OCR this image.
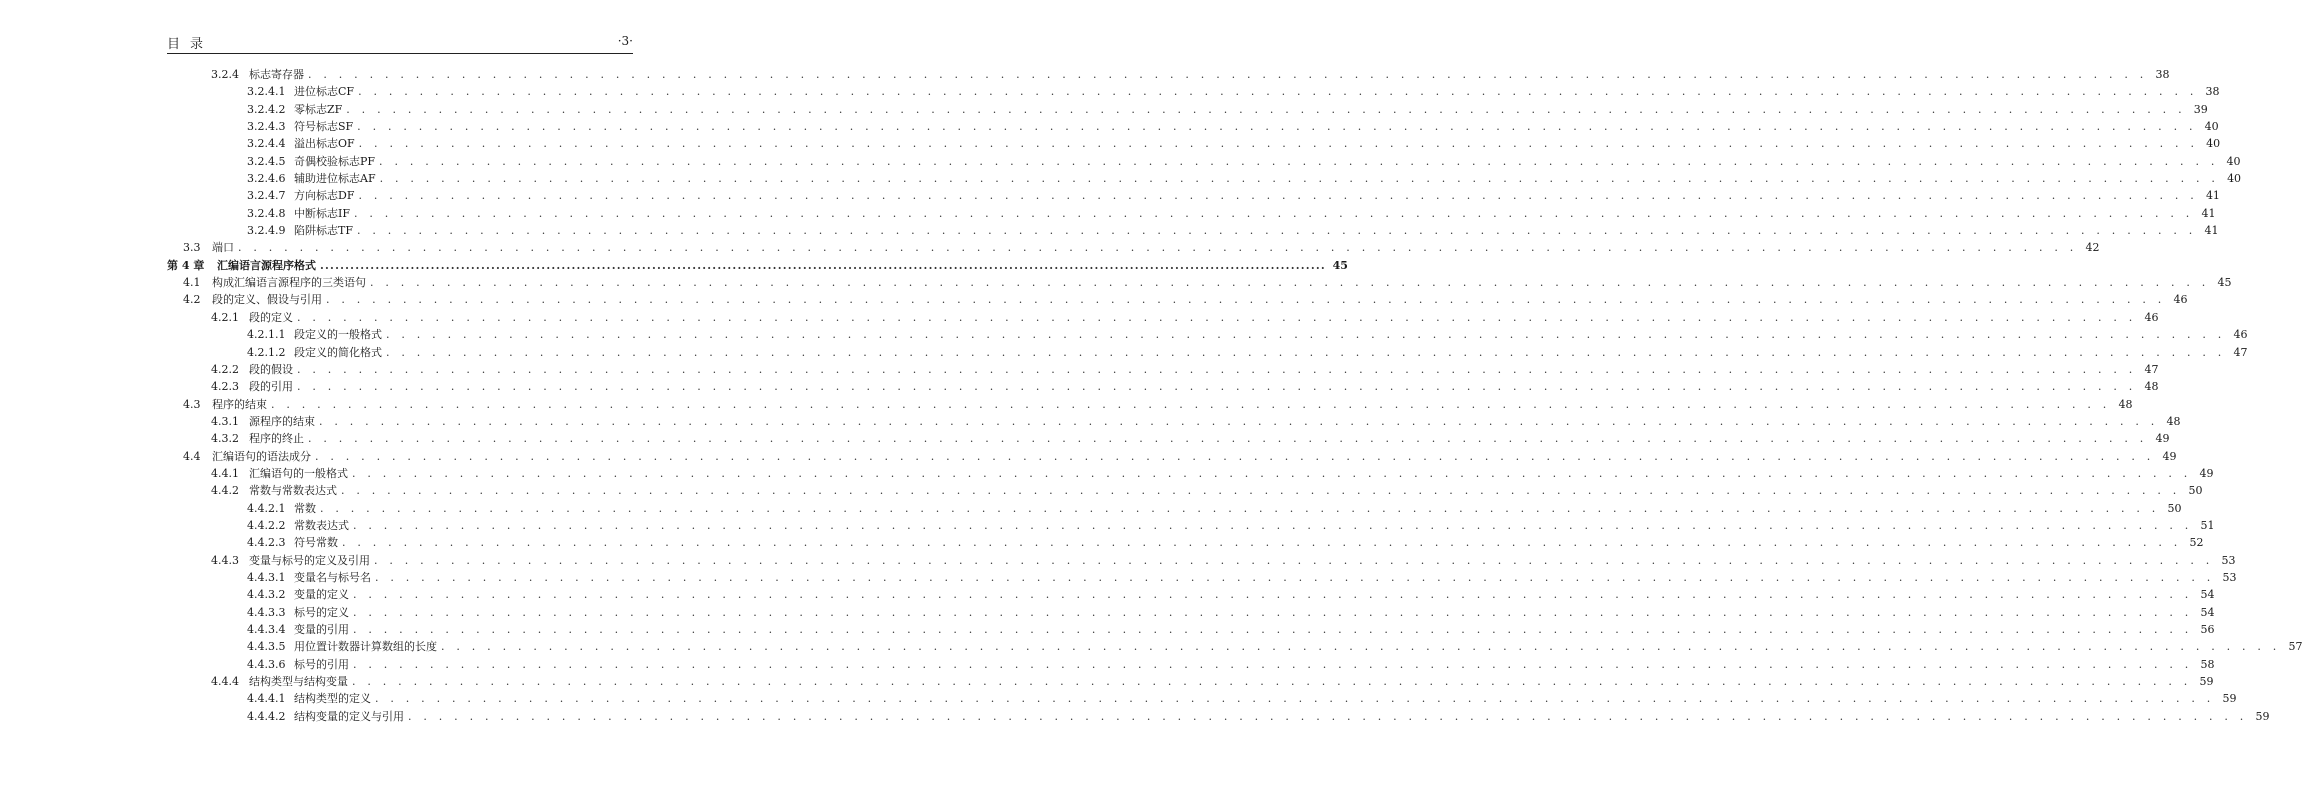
目录	·3·
3.2.4 标志寄存器 . . . . . . . . . . . . . . . . . . . . . . . . . . . . . . . . . . . . . . . . . . . . . . . . . . . . . . . . . . . . . . . . . . . . . . . . . . . . . . . . . . . . . . . . . . . . . . . . . . . . . . . . . . . . . . . . . . . . . . . . 38
3.2.4.1 进位标志CF . . . . . . . . . . . . . . . . . . . . . . . . . . . . . . . . . . . . . . . . . . . . . . . . . . . . . . . . . . . . . . . . . . . . . . . . . . . . . . . . . . . . . . . . . . . . . . . . . . . . . . . . . . . . . . . . . . . . . . . . 38
3.2.4.2 零标志ZF . . . . . . . . . . . . . . . . . . . . . . . . . . . . . . . . . . . . . . . . . . . . . . . . . . . . . . . . . . . . . . . . . . . . . . . . . . . . . . . . . . . . . . . . . . . . . . . . . . . . . . . . . . . . . . . . . . . . . . . . 39
3.2.4.3 符号标志SF . . . . . . . . . . . . . . . . . . . . . . . . . . . . . . . . . . . . . . . . . . . . . . . . . . . . . . . . . . . . . . . . . . . . . . . . . . . . . . . . . . . . . . . . . . . . . . . . . . . . . . . . . . . . . . . . . . . . . . . . 40
3.2.4.4 溢出标志OF . . . . . . . . . . . . . . . . . . . . . . . . . . . . . . . . . . . . . . . . . . . . . . . . . . . . . . . . . . . . . . . . . . . . . . . . . . . . . . . . . . . . . . . . . . . . . . . . . . . . . . . . . . . . . . . . . . . . . . . . 40
3.2.4.5 奇偶校验标志PF . . . . . . . . . . . . . . . . . . . . . . . . . . . . . . . . . . . . . . . . . . . . . . . . . . . . . . . . . . . . . . . . . . . . . . . . . . . . . . . . . . . . . . . . . . . . . . . . . . . . . . . . . . . . . . . . . . . . . . . . 40
3.2.4.6 辅助进位标志AF . . . . . . . . . . . . . . . . . . . . . . . . . . . . . . . . . . . . . . . . . . . . . . . . . . . . . . . . . . . . . . . . . . . . . . . . . . . . . . . . . . . . . . . . . . . . . . . . . . . . . . . . . . . . . . . . . . . . . . . . 40
3.2.4.7 方向标志DF . . . . . . . . . . . . . . . . . . . . . . . . . . . . . . . . . . . . . . . . . . . . . . . . . . . . . . . . . . . . . . . . . . . . . . . . . . . . . . . . . . . . . . . . . . . . . . . . . . . . . . . . . . . . . . . . . . . . . . . . 41
3.2.4.8 中断标志IF . . . . . . . . . . . . . . . . . . . . . . . . . . . . . . . . . . . . . . . . . . . . . . . . . . . . . . . . . . . . . . . . . . . . . . . . . . . . . . . . . . . . . . . . . . . . . . . . . . . . . . . . . . . . . . . . . . . . . . . . 41
3.2.4.9 陷阱标志TF . . . . . . . . . . . . . . . . . . . . . . . . . . . . . . . . . . . . . . . . . . . . . . . . . . . . . . . . . . . . . . . . . . . . . . . . . . . . . . . . . . . . . . . . . . . . . . . . . . . . . . . . . . . . . . . . . . . . . . . . 41
3.3 端口 . . . . . . . . . . . . . . . . . . . . . . . . . . . . . . . . . . . . . . . . . . . . . . . . . . . . . . . . . . . . . . . . . . . . . . . . . . . . . . . . . . . . . . . . . . . . . . . . . . . . . . . . . . . . . . . . . . . . . . . . 42
第 4 章 汇编语言源程序格式 ........................................................................................................................................................................................................ 45
4.1 构成汇编语言源程序的三类语句 . . . . . . . . . . . . . . . . . . . . . . . . . . . . . . . . . . . . . . . . . . . . . . . . . . . . . . . . . . . . . . . . . . . . . . . . . . . . . . . . . . . . . . . . . . . . . . . . . . . . . . . . . . . . . . . . . . . . . . . . 45
4.2 段的定义、假设与引用 . . . . . . . . . . . . . . . . . . . . . . . . . . . . . . . . . . . . . . . . . . . . . . . . . . . . . . . . . . . . . . . . . . . . . . . . . . . . . . . . . . . . . . . . . . . . . . . . . . . . . . . . . . . . . . . . . . . . . . . . 46
4.2.1 段的定义 . . . . . . . . . . . . . . . . . . . . . . . . . . . . . . . . . . . . . . . . . . . . . . . . . . . . . . . . . . . . . . . . . . . . . . . . . . . . . . . . . . . . . . . . . . . . . . . . . . . . . . . . . . . . . . . . . . . . . . . . 46
4.2.1.1 段定义的一般格式 . . . . . . . . . . . . . . . . . . . . . . . . . . . . . . . . . . . . . . . . . . . . . . . . . . . . . . . . . . . . . . . . . . . . . . . . . . . . . . . . . . . . . . . . . . . . . . . . . . . . . . . . . . . . . . . . . . . . . . . . 46
4.2.1.2 段定义的简化格式 . . . . . . . . . . . . . . . . . . . . . . . . . . . . . . . . . . . . . . . . . . . . . . . . . . . . . . . . . . . . . . . . . . . . . . . . . . . . . . . . . . . . . . . . . . . . . . . . . . . . . . . . . . . . . . . . . . . . . . . . 47
4.2.2 段的假设 . . . . . . . . . . . . . . . . . . . . . . . . . . . . . . . . . . . . . . . . . . . . . . . . . . . . . . . . . . . . . . . . . . . . . . . . . . . . . . . . . . . . . . . . . . . . . . . . . . . . . . . . . . . . . . . . . . . . . . . . 47
4.2.3 段的引用 . . . . . . . . . . . . . . . . . . . . . . . . . . . . . . . . . . . . . . . . . . . . . . . . . . . . . . . . . . . . . . . . . . . . . . . . . . . . . . . . . . . . . . . . . . . . . . . . . . . . . . . . . . . . . . . . . . . . . . . . 48
4.3 程序的结束 . . . . . . . . . . . . . . . . . . . . . . . . . . . . . . . . . . . . . . . . . . . . . . . . . . . . . . . . . . . . . . . . . . . . . . . . . . . . . . . . . . . . . . . . . . . . . . . . . . . . . . . . . . . . . . . . . . . . . . . . 48
4.3.1 源程序的结束 . . . . . . . . . . . . . . . . . . . . . . . . . . . . . . . . . . . . . . . . . . . . . . . . . . . . . . . . . . . . . . . . . . . . . . . . . . . . . . . . . . . . . . . . . . . . . . . . . . . . . . . . . . . . . . . . . . . . . . . . 48
4.3.2 程序的终止 . . . . . . . . . . . . . . . . . . . . . . . . . . . . . . . . . . . . . . . . . . . . . . . . . . . . . . . . . . . . . . . . . . . . . . . . . . . . . . . . . . . . . . . . . . . . . . . . . . . . . . . . . . . . . . . . . . . . . . . . 49
4.4 汇编语句的语法成分 . . . . . . . . . . . . . . . . . . . . . . . . . . . . . . . . . . . . . . . . . . . . . . . . . . . . . . . . . . . . . . . . . . . . . . . . . . . . . . . . . . . . . . . . . . . . . . . . . . . . . . . . . . . . . . . . . . . . . . . . 49
4.4.1 汇编语句的一般格式 . . . . . . . . . . . . . . . . . . . . . . . . . . . . . . . . . . . . . . . . . . . . . . . . . . . . . . . . . . . . . . . . . . . . . . . . . . . . . . . . . . . . . . . . . . . . . . . . . . . . . . . . . . . . . . . . . . . . . . . . 49
4.4.2 常数与常数表达式 . . . . . . . . . . . . . . . . . . . . . . . . . . . . . . . . . . . . . . . . . . . . . . . . . . . . . . . . . . . . . . . . . . . . . . . . . . . . . . . . . . . . . . . . . . . . . . . . . . . . . . . . . . . . . . . . . . . . . . . . 50
4.4.2.1 常数 . . . . . . . . . . . . . . . . . . . . . . . . . . . . . . . . . . . . . . . . . . . . . . . . . . . . . . . . . . . . . . . . . . . . . . . . . . . . . . . . . . . . . . . . . . . . . . . . . . . . . . . . . . . . . . . . . . . . . . . . 50
4.4.2.2 常数表达式 . . . . . . . . . . . . . . . . . . . . . . . . . . . . . . . . . . . . . . . . . . . . . . . . . . . . . . . . . . . . . . . . . . . . . . . . . . . . . . . . . . . . . . . . . . . . . . . . . . . . . . . . . . . . . . . . . . . . . . . . 51
4.4.2.3 符号常数 . . . . . . . . . . . . . . . . . . . . . . . . . . . . . . . . . . . . . . . . . . . . . . . . . . . . . . . . . . . . . . . . . . . . . . . . . . . . . . . . . . . . . . . . . . . . . . . . . . . . . . . . . . . . . . . . . . . . . . . . 52
4.4.3 变量与标号的定义及引用 . . . . . . . . . . . . . . . . . . . . . . . . . . . . . . . . . . . . . . . . . . . . . . . . . . . . . . . . . . . . . . . . . . . . . . . . . . . . . . . . . . . . . . . . . . . . . . . . . . . . . . . . . . . . . . . . . . . . . . . . 53
4.4.3.1 变量名与标号名 . . . . . . . . . . . . . . . . . . . . . . . . . . . . . . . . . . . . . . . . . . . . . . . . . . . . . . . . . . . . . . . . . . . . . . . . . . . . . . . . . . . . . . . . . . . . . . . . . . . . . . . . . . . . . . . . . . . . . . . . 53
4.4.3.2 变量的定义 . . . . . . . . . . . . . . . . . . . . . . . . . . . . . . . . . . . . . . . . . . . . . . . . . . . . . . . . . . . . . . . . . . . . . . . . . . . . . . . . . . . . . . . . . . . . . . . . . . . . . . . . . . . . . . . . . . . . . . . . 54
4.4.3.3 标号的定义 . . . . . . . . . . . . . . . . . . . . . . . . . . . . . . . . . . . . . . . . . . . . . . . . . . . . . . . . . . . . . . . . . . . . . . . . . . . . . . . . . . . . . . . . . . . . . . . . . . . . . . . . . . . . . . . . . . . . . . . . 54
4.4.3.4 变量的引用 . . . . . . . . . . . . . . . . . . . . . . . . . . . . . . . . . . . . . . . . . . . . . . . . . . . . . . . . . . . . . . . . . . . . . . . . . . . . . . . . . . . . . . . . . . . . . . . . . . . . . . . . . . . . . . . . . . . . . . . . 56
4.4.3.5 用位置计数器计算数组的长度 . . . . . . . . . . . . . . . . . . . . . . . . . . . . . . . . . . . . . . . . . . . . . . . . . . . . . . . . . . . . . . . . . . . . . . . . . . . . . . . . . . . . . . . . . . . . . . . . . . . . . . . . . . . . . . . . . . . . . . . . 57
4.4.3.6 标号的引用 . . . . . . . . . . . . . . . . . . . . . . . . . . . . . . . . . . . . . . . . . . . . . . . . . . . . . . . . . . . . . . . . . . . . . . . . . . . . . . . . . . . . . . . . . . . . . . . . . . . . . . . . . . . . . . . . . . . . . . . . 58
4.4.4 结构类型与结构变量 . . . . . . . . . . . . . . . . . . . . . . . . . . . . . . . . . . . . . . . . . . . . . . . . . . . . . . . . . . . . . . . . . . . . . . . . . . . . . . . . . . . . . . . . . . . . . . . . . . . . . . . . . . . . . . . . . . . . . . . . 59
4.4.4.1 结构类型的定义 . . . . . . . . . . . . . . . . . . . . . . . . . . . . . . . . . . . . . . . . . . . . . . . . . . . . . . . . . . . . . . . . . . . . . . . . . . . . . . . . . . . . . . . . . . . . . . . . . . . . . . . . . . . . . . . . . . . . . . . . 59
4.4.4.2 结构变量的定义与引用 . . . . . . . . . . . . . . . . . . . . . . . . . . . . . . . . . . . . . . . . . . . . . . . . . . . . . . . . . . . . . . . . . . . . . . . . . . . . . . . . . . . . . . . . . . . . . . . . . . . . . . . . . . . . . . . . . . . . . . . . 59
